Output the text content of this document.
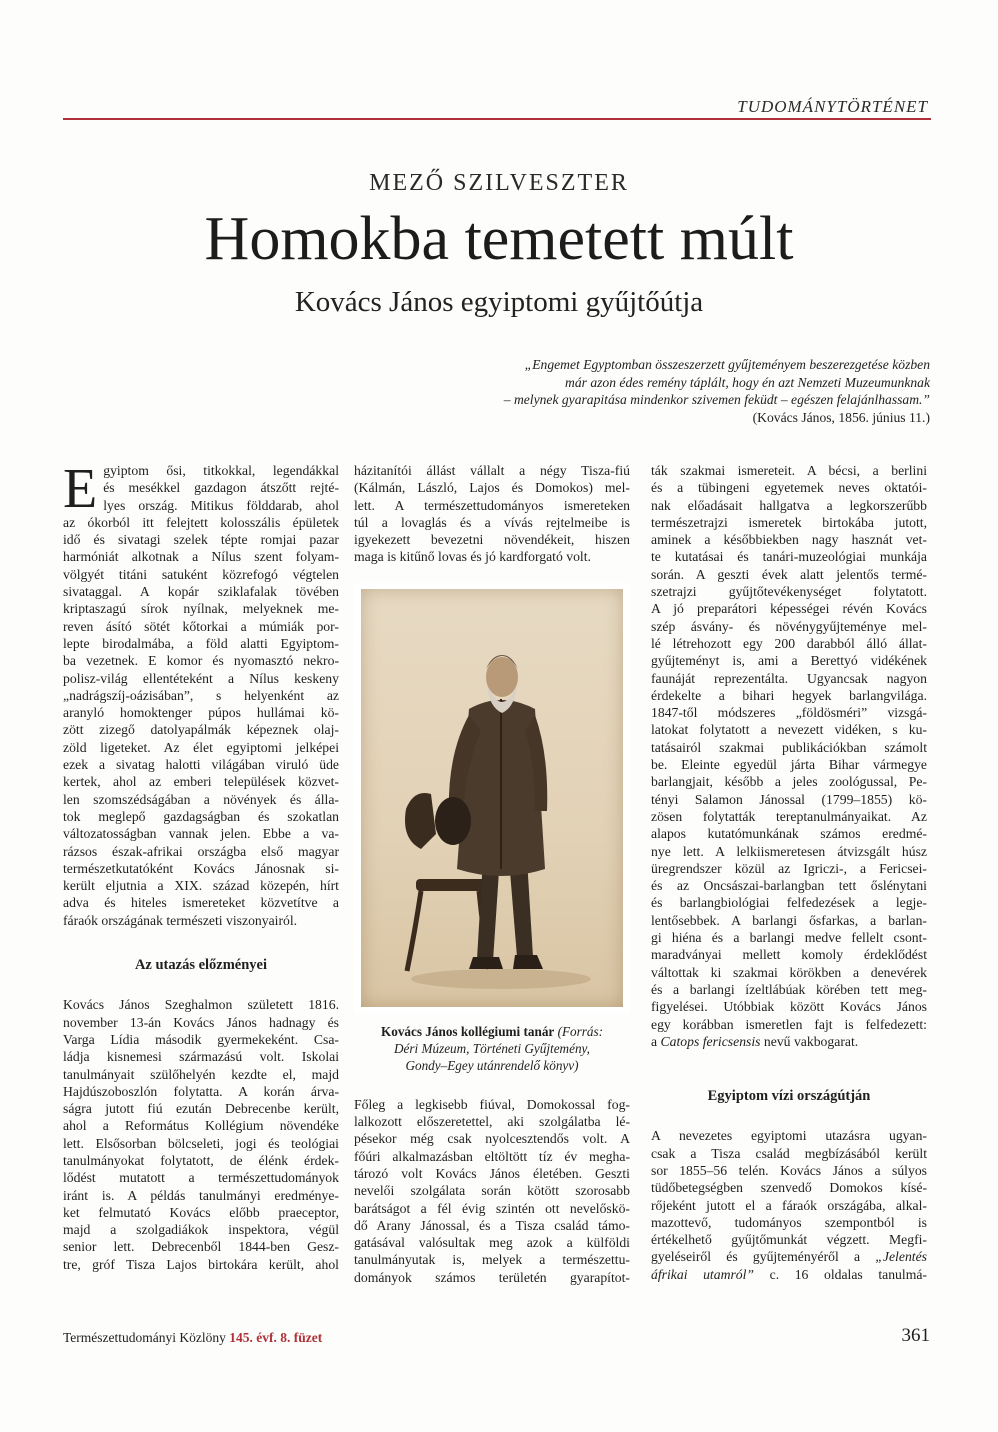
TUDOMÁNYTÖRTÉNET
MEZŐ SZILVESZTER
Homokba temetett múlt
Kovács János egyiptomi gyűjtőútja
„Engemet Egyptomban összeszerzett gyűjteményem beszerezgetése közben
már azon édes remény táplált, hogy én azt Nemzeti Muzeumunknak
– melynek gyarapitása mindenkor szivemen feküdt – egészen felajánlhassam.”
(Kovács János, 1856. június 11.)

E gyiptom ősi, titkokkal, legendákkal
és mesékkel gazdagon átszőtt rejté-
lyes ország. Mitikus földdarab, ahol
az ókorból itt felejtett kolosszális épületek
idő és sivatagi szelek tépte romjai pazar
harmóniát alkotnak a Nílus szent folyam-
völgyét titáni satuként közrefogó végtelen
sivataggal. A kopár sziklafalak tövében
kriptaszagú sírok nyílnak, melyeknek me-
reven ásító sötét kőtorkai a múmiák por-
lepte birodalmába, a föld alatti Egyiptom-
ba vezetnek. E komor és nyomasztó nekro-
polisz-világ ellentéteként a Nílus keskeny
„nadrágszíj-oázisában”, s helyenként az
aranyló homoktenger púpos hullámai kö-
zött zizegő datolyapálmák képeznek olaj-
zöld ligeteket. Az élet egyiptomi jelképei
ezek a sivatag halotti világában viruló üde
kertek, ahol az emberi települések közvet-
len szomszédságában a növények és álla-
tok meglepő gazdagságban és szokatlan
változatosságban vannak jelen. Ebbe a va-
rázsos észak-afrikai országba első magyar
természetkutatóként Kovács Jánosnak si-
került eljutnia a XIX. század közepén, hírt
adva és hiteles ismereteket közvetítve a
fáraók országának természeti viszonyairól.

Az utazás előzményei

Kovács János Szeghalmon született 1816.
november 13-án Kovács János hadnagy és
Varga Lídia második gyermekeként. Csa-
ládja kisnemesi származású volt. Iskolai
tanulmányait szülőhelyén kezdte el, majd
Hajdúszoboszlón folytatta. A korán árva-
ságra jutott fiú ezután Debrecenbe került,
ahol a Református Kollégium növendéke
lett. Elsősorban bölcseleti, jogi és teológiai
tanulmányokat folytatott, de élénk érdek-
lődést mutatott a természettudományok
iránt is. A példás tanulmányi eredménye-
ket felmutató Kovács előbb praeceptor,
majd a szolgadiákok inspektora, végül
senior lett. Debrecenből 1844-ben Gesz-
tre, gróf Tisza Lajos birtokára került, ahol

házitanítói állást vállalt a négy Tisza-fiú
(Kálmán, László, Lajos és Domokos) mel-
lett. A természettudományos ismereteken
túl a lovaglás és a vívás rejtelmeibe is
igyekezett bevezetni növendékeit, hiszen
maga is kitűnő lovas és jó kardforgató volt.

Kovács János kollégiumi tanár (Forrás:
Déri Múzeum, Történeti Gyűjtemény,
Gondy–Egey utánrendelő könyv)

Főleg a legkisebb fiúval, Domokossal fog-
lalkozott előszeretettel, aki szolgálatba lé-
pésekor még csak nyolcesztendős volt. A
főúri alkalmazásban eltöltött tíz év megha-
tározó volt Kovács János életében. Geszti
nevelői szolgálata során kötött szorosabb
barátságot a fél évig szintén ott nevelőskö-
dő Arany Jánossal, és a Tisza család támo-
gatásával valósultak meg azok a külföldi
tanulmányutak is, melyek a természettu-
dományok számos területén gyarapítot-

ták szakmai ismereteit. A bécsi, a berlini
és a tübingeni egyetemek neves oktatói-
nak előadásait hallgatva a legkorszerűbb
természetrajzi ismeretek birtokába jutott,
aminek a későbbiekben nagy hasznát vet-
te kutatásai és tanári-muzeológiai munkája
során. A geszti évek alatt jelentős termé-
szetrajzi gyűjtőtevékenységet folytatott.
A jó preparátori képességei révén Kovács
szép ásvány- és növénygyűjteménye mel-
lé létrehozott egy 200 darabból álló állat-
gyűjteményt is, ami a Berettyó vidékének
faunáját reprezentálta. Ugyancsak nagyon
érdekelte a bihari hegyek barlangvilága.
1847-től módszeres „földösméri” vizsgá-
latokat folytatott a nevezett vidéken, s ku-
tatásairól szakmai publikációkban számolt
be. Eleinte egyedül járta Bihar vármegye
barlangjait, később a jeles zoológussal, Pe-
tényi Salamon Jánossal (1799–1855) kö-
zösen folytatták tereptanulmányaikat. Az
alapos kutatómunkának számos eredmé-
nye lett. A lelkiismeretesen átvizsgált húsz
üregrendszer közül az Igriczi-, a Fericsei-
és az Oncsászai-barlangban tett őslénytani
és barlangbiológiai felfedezések a legje-
lentősebbek. A barlangi ősfarkas, a barlan-
gi hiéna és a barlangi medve fellelt csont-
maradványai mellett komoly érdeklődést
váltottak ki szakmai körökben a denevérek
és a barlangi ízeltlábúak körében tett meg-
figyelései. Utóbbiak között Kovács János
egy korábban ismeretlen fajt is felfedezett:
a Catops fericsensis nevű vakbogarat.

Egyiptom vízi országútján

A nevezetes egyiptomi utazásra ugyan-
csak a Tisza család megbízásából került
sor 1855–56 telén. Kovács János a súlyos
tüdőbetegségben szenvedő Domokos kísé-
rőjeként jutott el a fáraók országába, alkal-
mazottevő, tudományos szempontból is
értékelhető gyűjtőmunkát végzett. Megfi-
gyeléseiről és gyűjteményéről a „Jelentés
áfrikai utamról” c. 16 oldalas tanulmá-

Természettudományi Közlöny 145. évf. 8. füzet	361
